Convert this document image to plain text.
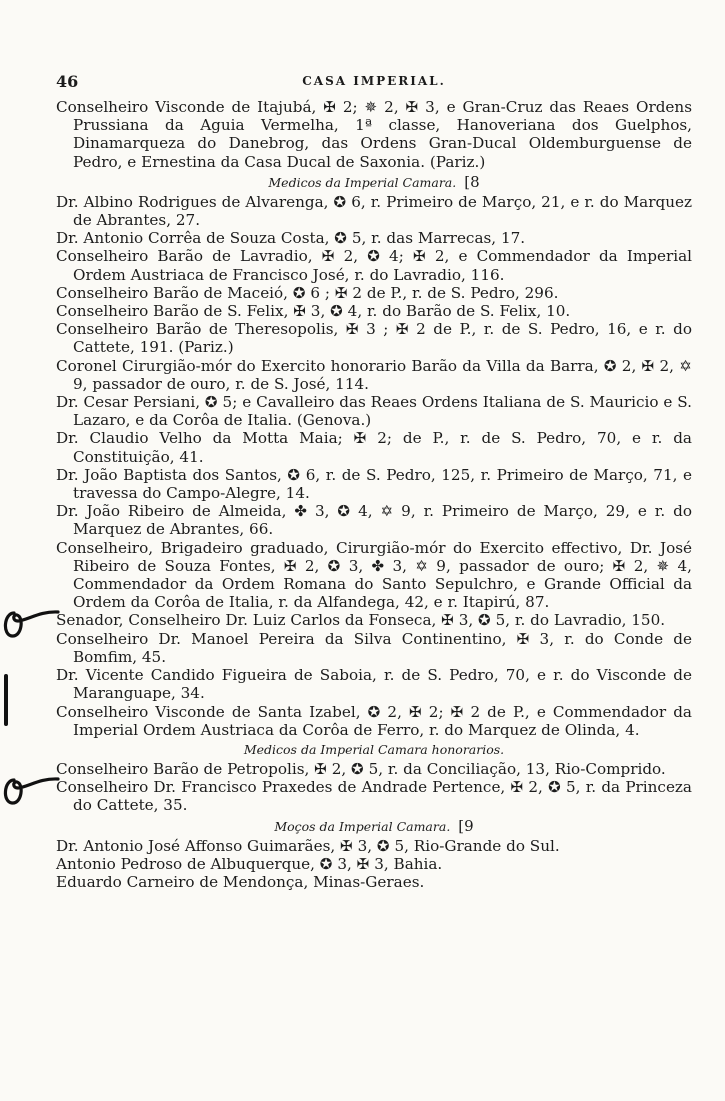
46	CASA IMPERIAL.
Conselheiro Visconde de Itajubá, ✠ 2; ✵ 2, ✠ 3, e Gran-Cruz das Reaes Ordens Prussiana da Aguia Vermelha, 1ª classe, Hanoveriana dos Guelphos, Dinamarqueza do Danebrog, das Ordens Gran-Ducal Oldemburguense de Pedro, e Ernestina da Casa Ducal de Saxonia. (Pariz.)
Medicos da Imperial Camara. [8
Dr. Albino Rodrigues de Alvarenga, ✪ 6, r. Primeiro de Março, 21, e r. do Marquez de Abrantes, 27.
Dr. Antonio Corrêa de Souza Costa, ✪ 5, r. das Marrecas, 17.
Conselheiro Barão de Lavradio, ✠ 2, ✪ 4; ✠ 2, e Commendador da Imperial Ordem Austriaca de Francisco José, r. do Lavradio, 116.
Conselheiro Barão de Maceió, ✪ 6 ; ✠ 2 de P., r. de S. Pedro, 296.
Conselheiro Barão de S. Felix, ✠ 3, ✪ 4, r. do Barão de S. Felix, 10.
Conselheiro Barão de Theresopolis, ✠ 3 ; ✠ 2 de P., r. de S. Pedro, 16, e r. do Cattete, 191. (Pariz.)
Coronel Cirurgião-mór do Exercito honorario Barão da Villa da Barra, ✪ 2, ✠ 2, ✡ 9, passador de ouro, r. de S. José, 114.
Dr. Cesar Persiani, ✪ 5; e Cavalleiro das Reaes Ordens Italiana de S. Mauricio e S. Lazaro, e da Corôa de Italia. (Genova.)
Dr. Claudio Velho da Motta Maia; ✠ 2; de P., r. de S. Pedro, 70, e r. da Constituição, 41.
Dr. João Baptista dos Santos, ✪ 6, r. de S. Pedro, 125, r. Primeiro de Março, 71, e travessa do Campo-Alegre, 14.
Dr. João Ribeiro de Almeida, ✤ 3, ✪ 4, ✡ 9, r. Primeiro de Março, 29, e r. do Marquez de Abrantes, 66.
Conselheiro, Brigadeiro graduado, Cirurgião-mór do Exercito effectivo, Dr. José Ribeiro de Souza Fontes, ✠ 2, ✪ 3, ✤ 3, ✡ 9, passador de ouro; ✠ 2, ✵ 4, Commendador da Ordem Romana do Santo Sepulchro, e Grande Official da Ordem da Corôa de Italia, r. da Alfandega, 42, e r. Itapirú, 87.
Senador, Conselheiro Dr. Luiz Carlos da Fonseca, ✠ 3, ✪ 5, r. do Lavradio, 150.
Conselheiro Dr. Manoel Pereira da Silva Continentino, ✠ 3, r. do Conde de Bomfim, 45.
Dr. Vicente Candido Figueira de Saboia, r. de S. Pedro, 70, e r. do Visconde de Maranguape, 34.
Conselheiro Visconde de Santa Izabel, ✪ 2, ✠ 2; ✠ 2 de P., e Commendador da Imperial Ordem Austriaca da Corôa de Ferro, r. do Marquez de Olinda, 4.
Medicos da Imperial Camara honorarios.
Conselheiro Barão de Petropolis, ✠ 2, ✪ 5, r. da Conciliação, 13, Rio-Comprido.
Conselheiro Dr. Francisco Praxedes de Andrade Pertence, ✠ 2, ✪ 5, r. da Princeza do Cattete, 35.
Moços da Imperial Camara. [9
Dr. Antonio José Affonso Guimarães, ✠ 3, ✪ 5, Rio-Grande do Sul.
Antonio Pedroso de Albuquerque, ✪ 3, ✠ 3, Bahia.
Eduardo Carneiro de Mendonça, Minas-Geraes.
